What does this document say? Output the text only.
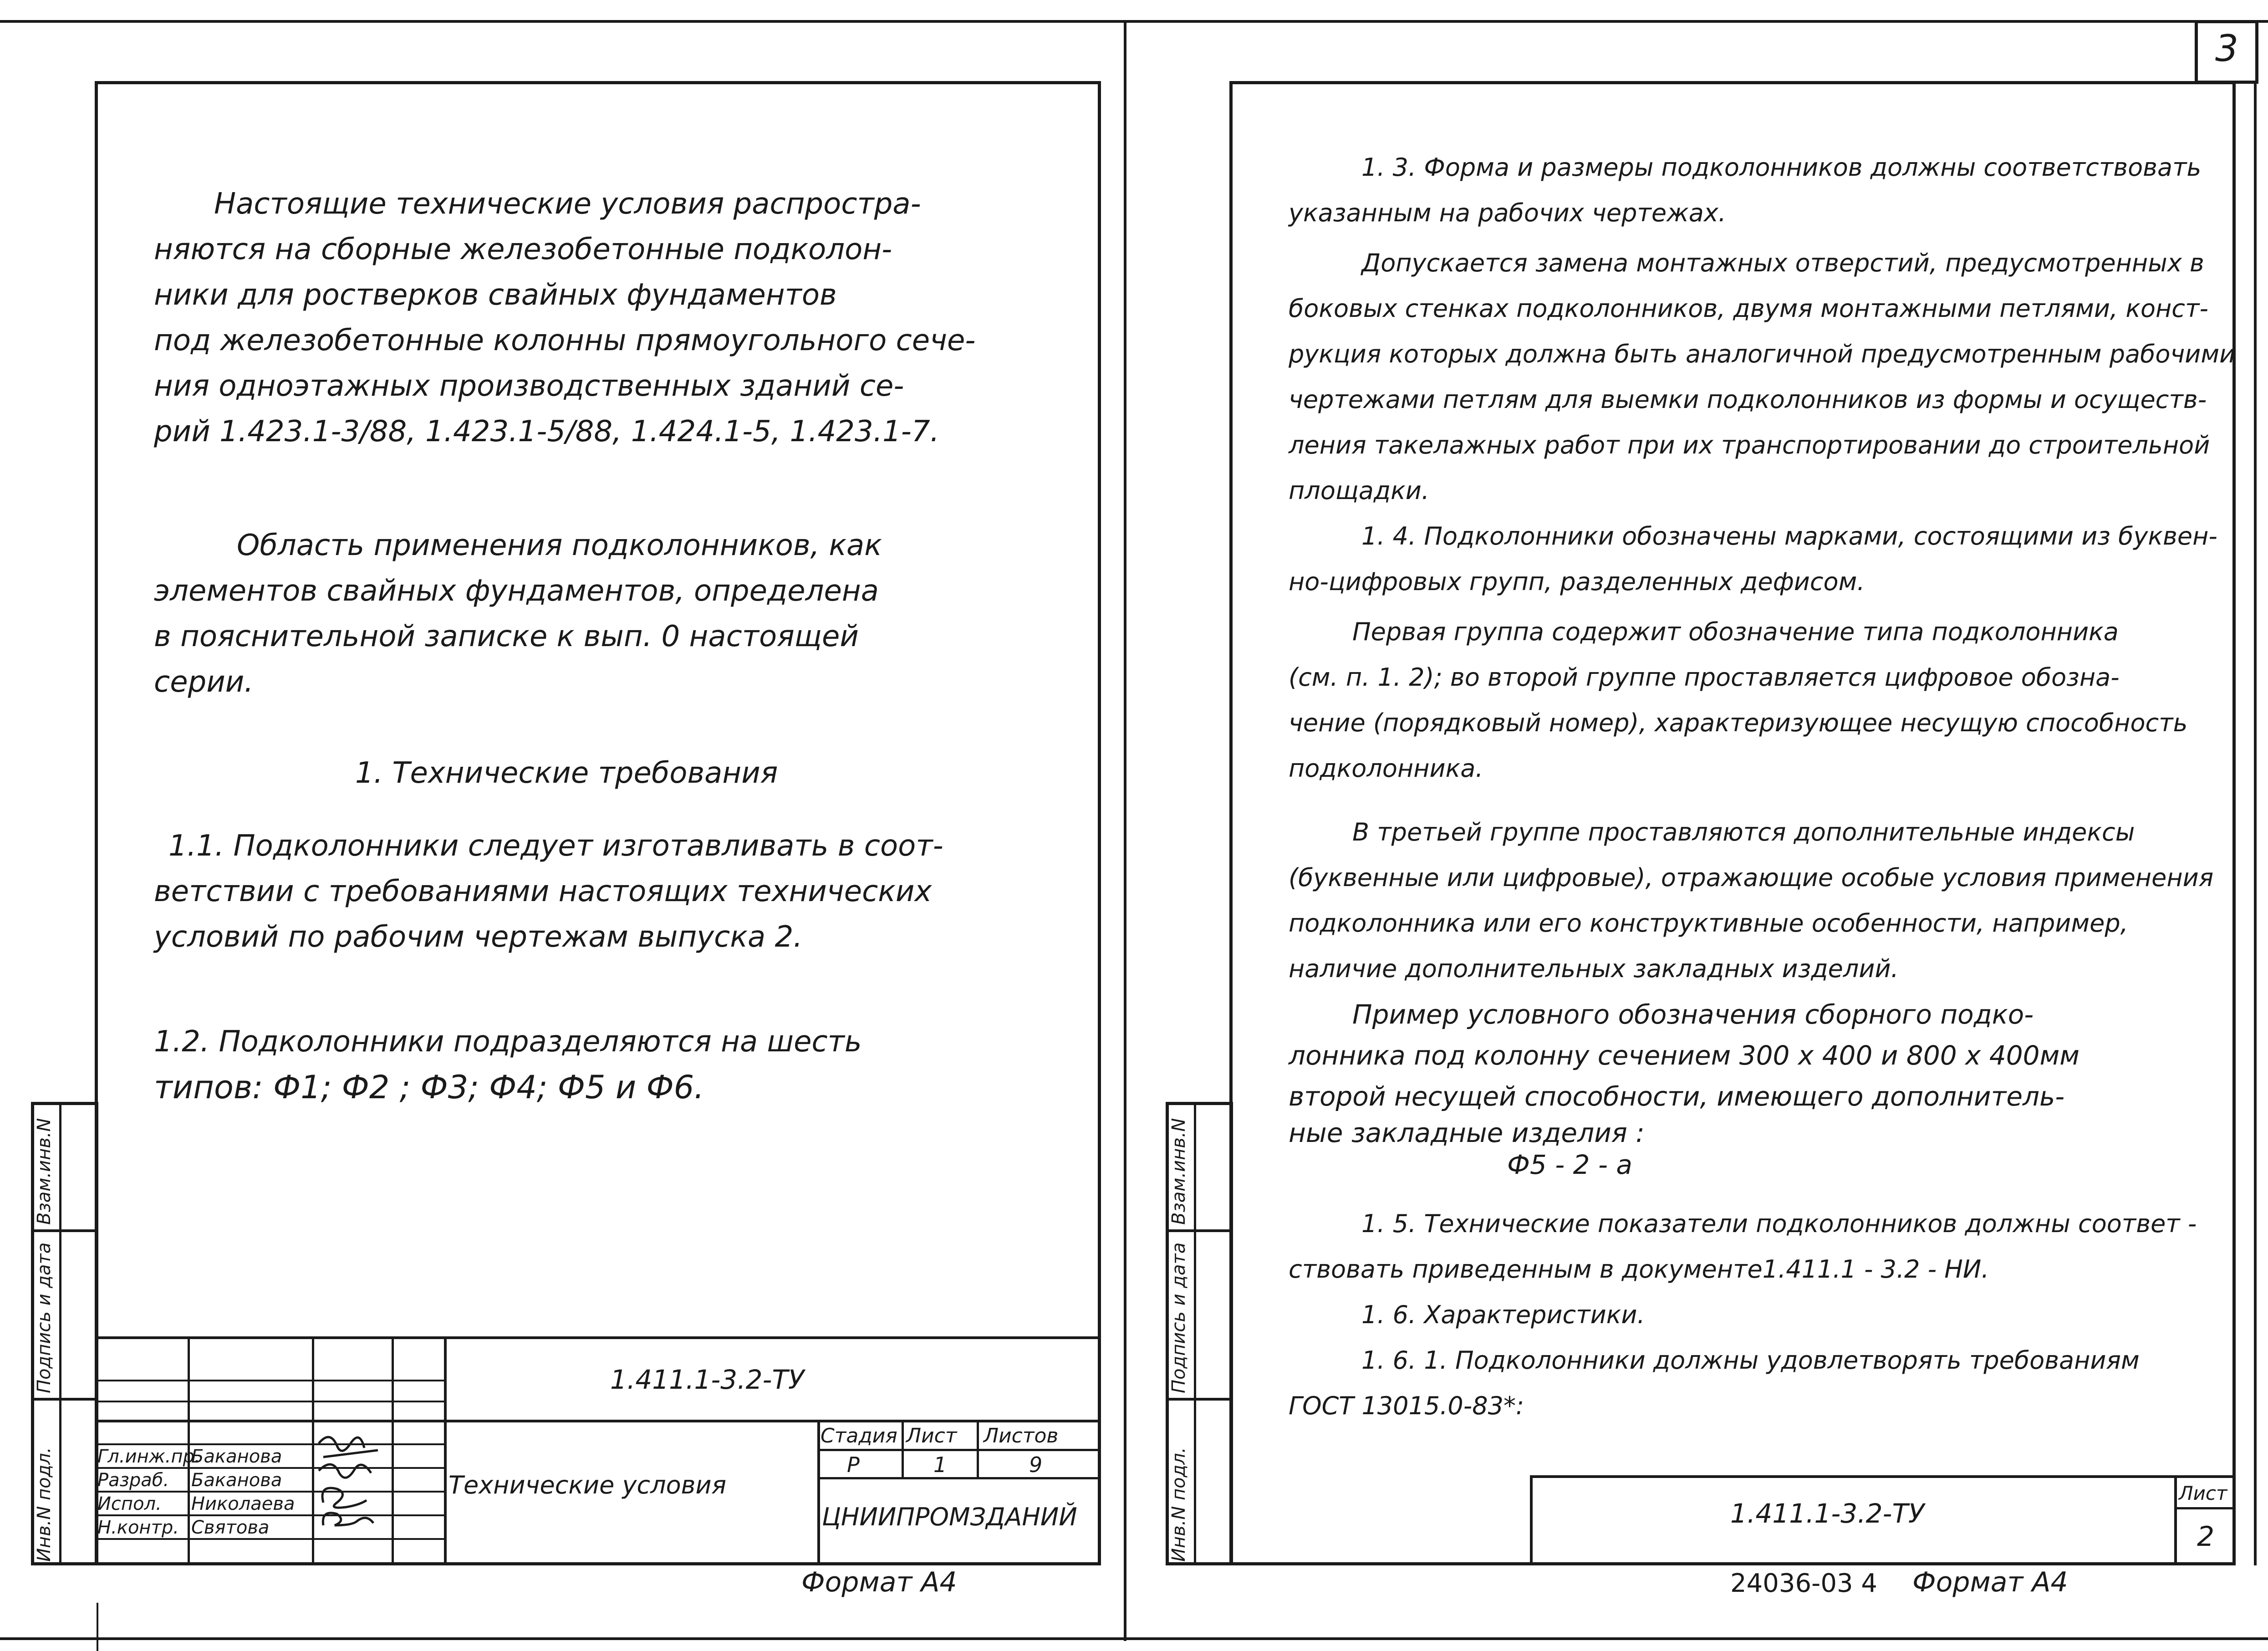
Взам.инв.N
Подпись и дата
Инв.N подл.
Настоящие технические условия распростра-
няются на сборные железобетонные подколон-
ники для ростверков свайных фундаментов
под железобетонные колонны прямоугольного сече-
ния одноэтажных производственных зданий се-
рий 1.423.1-3/88, 1.423.1-5/88, 1.424.1-5, 1.423.1-7.
Область применения подколонников, как
элементов свайных фундаментов, определена
в пояснительной записке к вып. 0 настоящей
серии.
1. Технические требования
1.1. Подколонники следует изготавливать в соот-
ветствии с требованиями настоящих технических
условий по рабочим чертежам выпуска 2.
1.2. Подколонники подразделяются на шесть
типов: Ф1; Ф2 ; Ф3; Ф4; Ф5 и Ф6.
1.411.1-3.2-ТУ
Гл.инж.пр.
Разраб.
Испол.
Н.контр.
Баканова
Баканова
Николаева
Святова
Технические условия
Стадия Лист Листов
Р	1	9
ЦНИИПРОМЗДАНИЙ
Формат А4
3
Взам.инв.N
Подпись и дата
Инв.N подл.
1. 3. Форма и размеры подколонников должны соответствовать
указанным на рабочих чертежах.
Допускается замена монтажных отверстий, предусмотренных в
боковых стенках подколонников, двумя монтажными петлями, конст-
рукция которых должна быть аналогичной предусмотренным рабочими
чертежами петлям для выемки подколонников из формы и осуществ-
ления такелажных работ при их транспортировании до строительной
площадки.
1. 4. Подколонники обозначены марками, состоящими из буквен-
но-цифровых групп, разделенных дефисом.
Первая группа содержит обозначение типа подколонника
(см. п. 1. 2); во второй группе проставляется цифровое обозна-
чение (порядковый номер), характеризующее несущую способность
подколонника.
В третьей группе проставляются дополнительные индексы
(буквенные или цифровые), отражающие особые условия применения
подколонника или его конструктивные особенности, например,
наличие дополнительных закладных изделий.
Пример условного обозначения сборного подко-
лонника под колонну сечением 300 х 400 и 800 х 400мм
второй несущей способности, имеющего дополнитель-
ные закладные изделия :
Ф5 - 2 - а
1. 5. Технические показатели подколонников должны соответ -
ствовать приведенным в документе1.411.1 - 3.2 - НИ.
1. 6. Характеристики.
1. 6. 1. Подколонники должны удовлетворять требованиям
ГОСТ 13015.0-83*:
1.411.1-3.2-ТУ
Лист
2
24036-03 4 Формат А4
